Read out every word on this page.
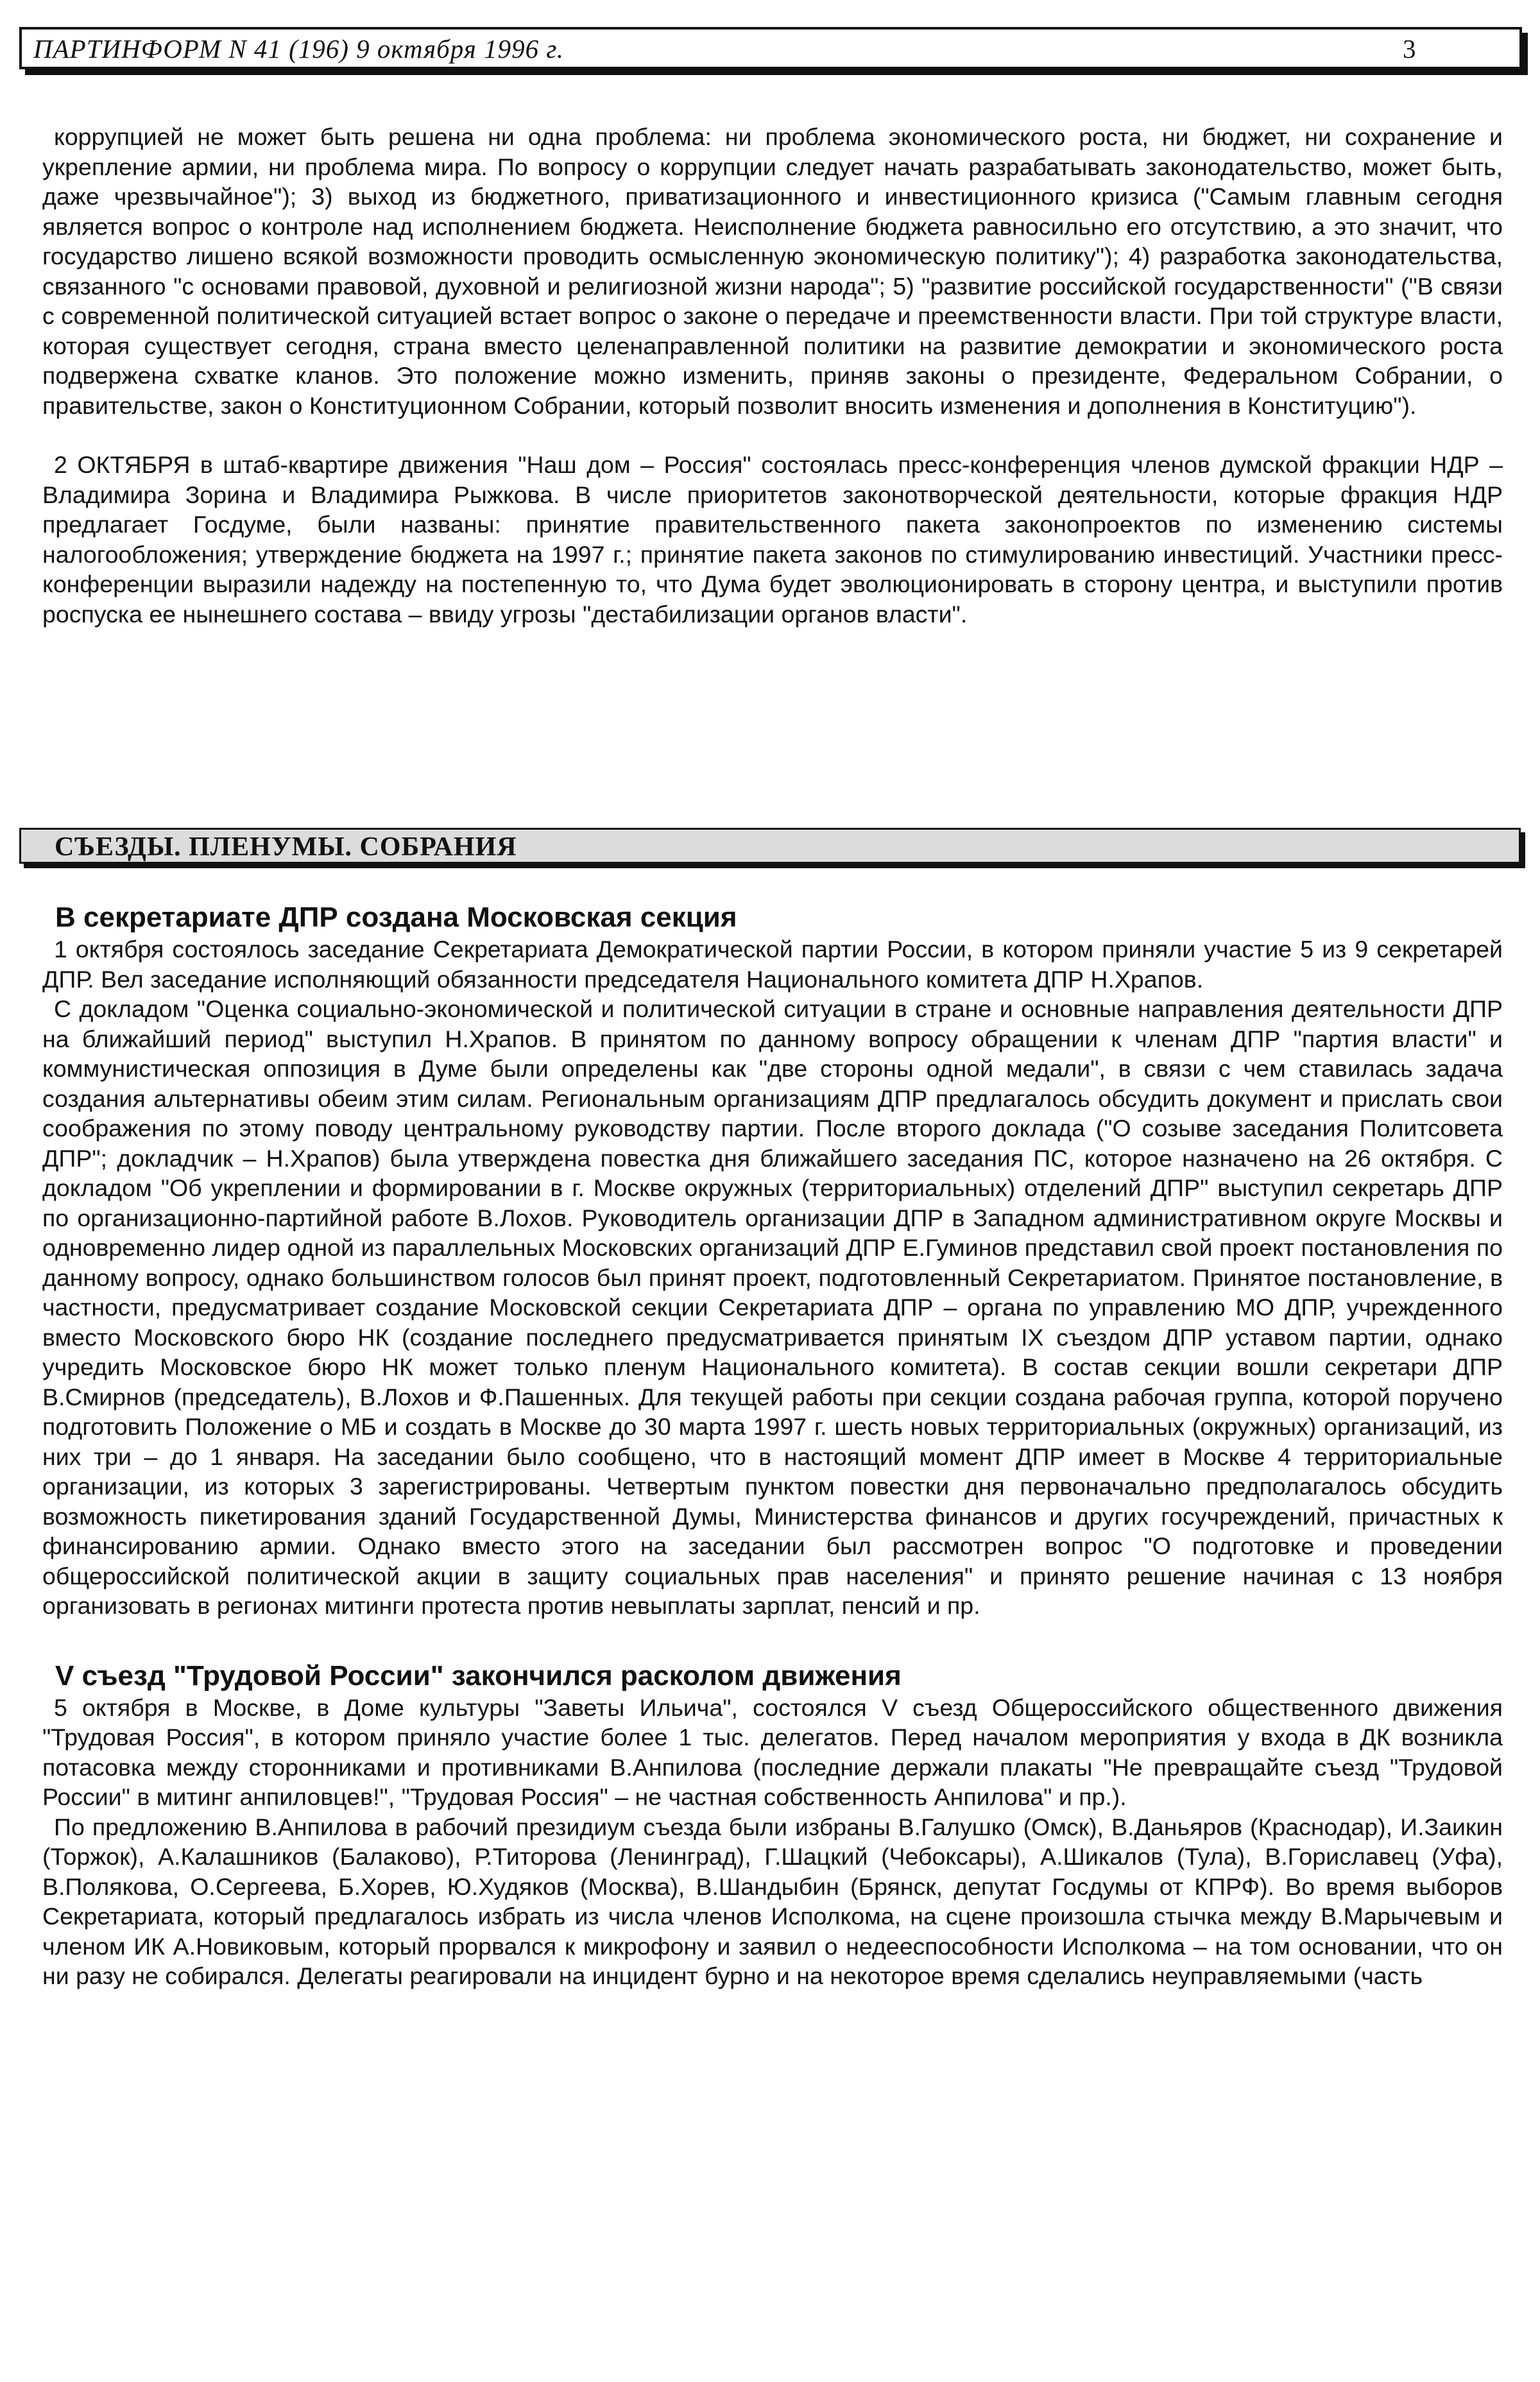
ПАРТИНФОРМ N 41 (196) 9 октября 1996 г.	3

коррупцией не может быть решена ни одна проблема: ни проблема экономического роста, ни бюджет, ни сохранение и укрепление армии, ни проблема мира. По вопросу о коррупции следует начать разрабатывать законодательство, может быть, даже чрезвычайное"); 3) выход из бюджетного, приватизационного и инвестиционного кризиса ("Самым главным сегодня является вопрос о контроле над исполнением бюджета. Неисполнение бюджета равносильно его отсутствию, а это значит, что государство лишено всякой возможности проводить осмысленную экономическую политику"); 4) разработка законодательства, связанного "с основами правовой, духовной и религиозной жизни народа"; 5) "развитие российской государственности" ("В связи с современной политической ситуацией встает вопрос о законе о передаче и преемственности власти. При той структуре власти, которая существует сегодня, страна вместо целенаправленной политики на развитие демократии и экономического роста подвержена схватке кланов. Это положение можно изменить, приняв законы о президенте, Федеральном Собрании, о правительстве, закон о Конституционном Собрании, который позволит вносить изменения и дополнения в Конституцию").

2 ОКТЯБРЯ в штаб-квартире движения "Наш дом – Россия" состоялась пресс-конференция членов думской фракции НДР – Владимира Зорина и Владимира Рыжкова. В числе приоритетов законотворческой деятельности, которые фракция НДР предлагает Госдуме, были названы: принятие правительственного пакета законопроектов по изменению системы налогообложения; утверждение бюджета на 1997 г.; принятие пакета законов по стимулированию инвестиций. Участники пресс-конференции выразили надежду на постепенную то, что Дума будет эволюционировать в сторону центра, и выступили против роспуска ее нынешнего состава – ввиду угрозы "дестабилизации органов власти".

СЪЕЗДЫ. ПЛЕНУМЫ. СОБРАНИЯ
В секретариате ДПР создана Московская секция

1 октября состоялось заседание Секретариата Демократической партии России, в котором приняли участие 5 из 9 секретарей ДПР. Вел заседание исполняющий обязанности председателя Национального комитета ДПР Н.Храпов.

С докладом "Оценка социально-экономической и политической ситуации в стране и основные направления деятельности ДПР на ближайший период" выступил Н.Храпов. В принятом по данному вопросу обращении к членам ДПР "партия власти" и коммунистическая оппозиция в Думе были определены как "две стороны одной медали", в связи с чем ставилась задача создания альтернативы обеим этим силам. Региональным организациям ДПР предлагалось обсудить документ и прислать свои соображения по этому поводу центральному руководству партии. После второго доклада ("О созыве заседания Политсовета ДПР"; докладчик – Н.Храпов) была утверждена повестка дня ближайшего заседания ПС, которое назначено на 26 октября. С докладом "Об укреплении и формировании в г. Москве окружных (территориальных) отделений ДПР" выступил секретарь ДПР по организационно-партийной работе В.Лохов. Руководитель организации ДПР в Западном административном округе Москвы и одновременно лидер одной из параллельных Московских организаций ДПР Е.Гуминов представил свой проект постановления по данному вопросу, однако большинством голосов был принят проект, подготовленный Секретариатом. Принятое постановление, в частности, предусматривает создание Московской секции Секретариата ДПР – органа по управлению МО ДПР, учрежденного вместо Московского бюро НК (создание последнего предусматривается принятым IX съездом ДПР уставом партии, однако учредить Московское бюро НК может только пленум Национального комитета). В состав секции вошли секретари ДПР В.Смирнов (председатель), В.Лохов и Ф.Пашенных. Для текущей работы при секции создана рабочая группа, которой поручено подготовить Положение о МБ и создать в Москве до 30 марта 1997 г. шесть новых территориальных (окружных) организаций, из них три – до 1 января. На заседании было сообщено, что в настоящий момент ДПР имеет в Москве 4 территориальные организации, из которых 3 зарегистрированы. Четвертым пунктом повестки дня первоначально предполагалось обсудить возможность пикетирования зданий Государственной Думы, Министерства финансов и других госучреждений, причастных к финансированию армии. Однако вместо этого на заседании был рассмотрен вопрос "О подготовке и проведении общероссийской политической акции в защиту социальных прав населения" и принято решение начиная с 13 ноября организовать в регионах митинги протеста против невыплаты зарплат, пенсий и пр.

V съезд "Трудовой России" закончился расколом движения

5 октября в Москве, в Доме культуры "Заветы Ильича", состоялся V съезд Общероссийского общественного движения "Трудовая Россия", в котором приняло участие более 1 тыс. делегатов. Перед началом мероприятия у входа в ДК возникла потасовка между сторонниками и противниками В.Анпилова (последние держали плакаты "Не превращайте съезд "Трудовой России" в митинг анпиловцев!", "Трудовая Россия" – не частная собственность Анпилова" и пр.).

По предложению В.Анпилова в рабочий президиум съезда были избраны В.Галушко (Омск), В.Даньяров (Краснодар), И.Заикин (Торжок), А.Калашников (Балаково), Р.Титорова (Ленинград), Г.Шацкий (Чебоксары), А.Шикалов (Тула), В.Гориславец (Уфа), В.Полякова, О.Сергеева, Б.Хорев, Ю.Худяков (Москва), В.Шандыбин (Брянск, депутат Госдумы от КПРФ). Во время выборов Секретариата, который предлагалось избрать из числа членов Исполкома, на сцене произошла стычка между В.Марычевым и членом ИК А.Новиковым, который прорвался к микрофону и заявил о недееспособности Исполкома – на том основании, что он ни разу не собирался. Делегаты реагировали на инцидент бурно и на некоторое время сделались неуправляемыми (часть
